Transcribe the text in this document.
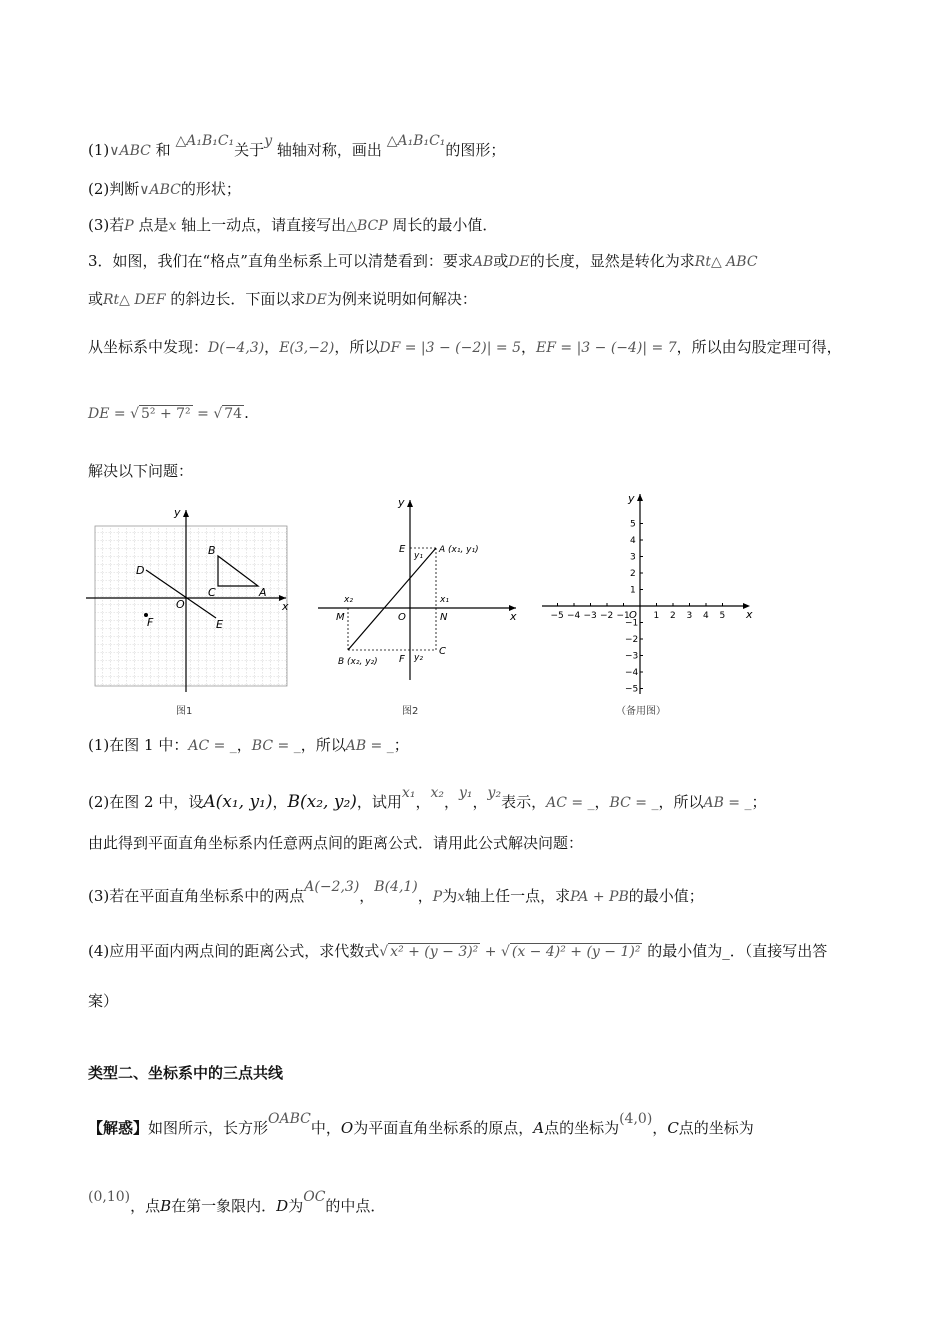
(1)∨ABC 和 △A₁B₁C₁关于y 轴轴对称，画出 △A₁B₁C₁的图形；
(2)判断∨ABC的形状；
(3)若P 点是x 轴上一动点，请直接写出△BCP 周长的最小值．
3．如图，我们在“格点”直角坐标系上可以清楚看到：要求AB或DE的长度，显然是转化为求Rt△ ABC
或Rt△ DEF 的斜边长．下面以求DE为例来说明如何解决：
从坐标系中发现：D(−4,3)，E(3,−2)，所以DF = |3 − (−2)| = 5，EF = |3 − (−4)| = 7，所以由勾股定理可得，
DE = √ 5² + 7² = √ 74 .
解决以下问题：
y
x
O
B
C	A
D
E
F
图1
y
x
O
A (x₁, y₁)
B (x₂, y₂)
C
E
F
M	N
x₁
x₂
y₁
y₂
图2
−5 −4 −3 −2 −1	1 2 3 4 5
5
4
3
2
1
−1
−2
−3
−4
−5
y
x
O
（备用图）
(1)在图 1 中：AC = _，BC = _，所以AB = _；
(2)在图 2 中，设A(x₁, y₁)，B(x₂, y₂)，试用x₁，x₂，y₁，y₂表示，AC = _，BC = _，所以AB = _；
由此得到平面直角坐标系内任意两点间的距离公式．请用此公式解决问题：
(3)若在平面直角坐标系中的两点A(−2,3)，B(4,1)，P为x轴上任一点，求PA + PB的最小值；
(4)应用平面内两点间的距离公式，求代数式√ x² + (y − 3)² + √ (x − 4)² + (y − 1)² 的最小值为_．（直接写出答
案）
类型二、坐标系中的三点共线
【解惑】如图所示，长方形OABC中，O为平面直角坐标系的原点，A点的坐标为(4,0)，C点的坐标为
(0,10)，点B在第一象限内．D为OC的中点．
